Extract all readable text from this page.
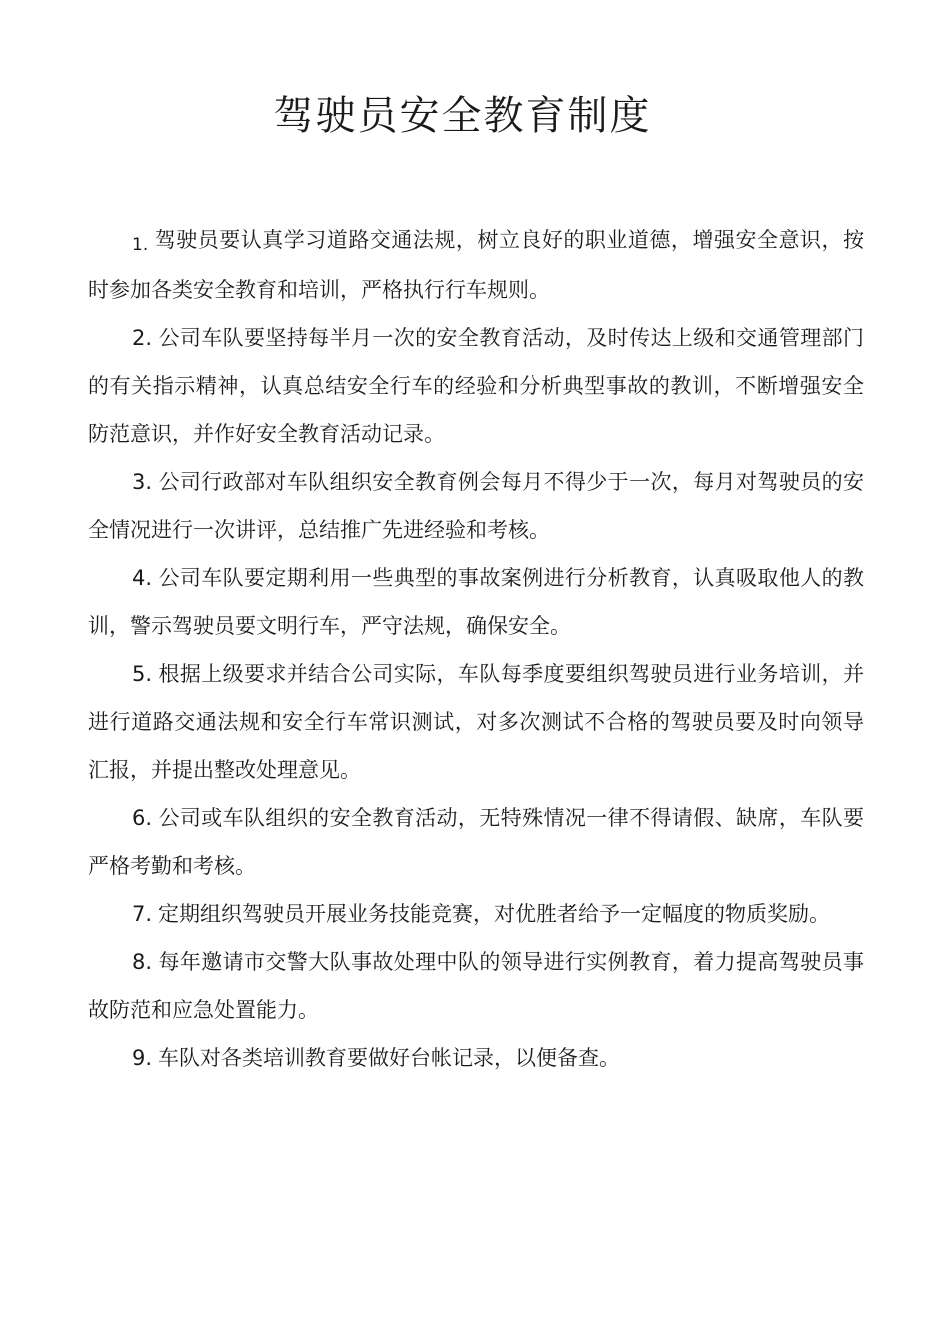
驾驶员安全教育制度
1. 驾驶员要认真学习道路交通法规，树立良好的职业道德，增强安全意识，按时参加各类安全教育和培训，严格执行行车规则。
2. 公司车队要坚持每半月一次的安全教育活动，及时传达上级和交通管理部门的有关指示精神，认真总结安全行车的经验和分析典型事故的教训，不断增强安全防范意识，并作好安全教育活动记录。
3. 公司行政部对车队组织安全教育例会每月不得少于一次，每月对驾驶员的安全情况进行一次讲评，总结推广先进经验和考核。
4. 公司车队要定期利用一些典型的事故案例进行分析教育，认真吸取他人的教训，警示驾驶员要文明行车，严守法规，确保安全。
5. 根据上级要求并结合公司实际，车队每季度要组织驾驶员进行业务培训，并进行道路交通法规和安全行车常识测试，对多次测试不合格的驾驶员要及时向领导汇报，并提出整改处理意见。
6. 公司或车队组织的安全教育活动，无特殊情况一律不得请假、缺席，车队要严格考勤和考核。
7. 定期组织驾驶员开展业务技能竞赛，对优胜者给予一定幅度的物质奖励。
8. 每年邀请市交警大队事故处理中队的领导进行实例教育，着力提高驾驶员事故防范和应急处置能力。
9. 车队对各类培训教育要做好台帐记录，以便备查。
